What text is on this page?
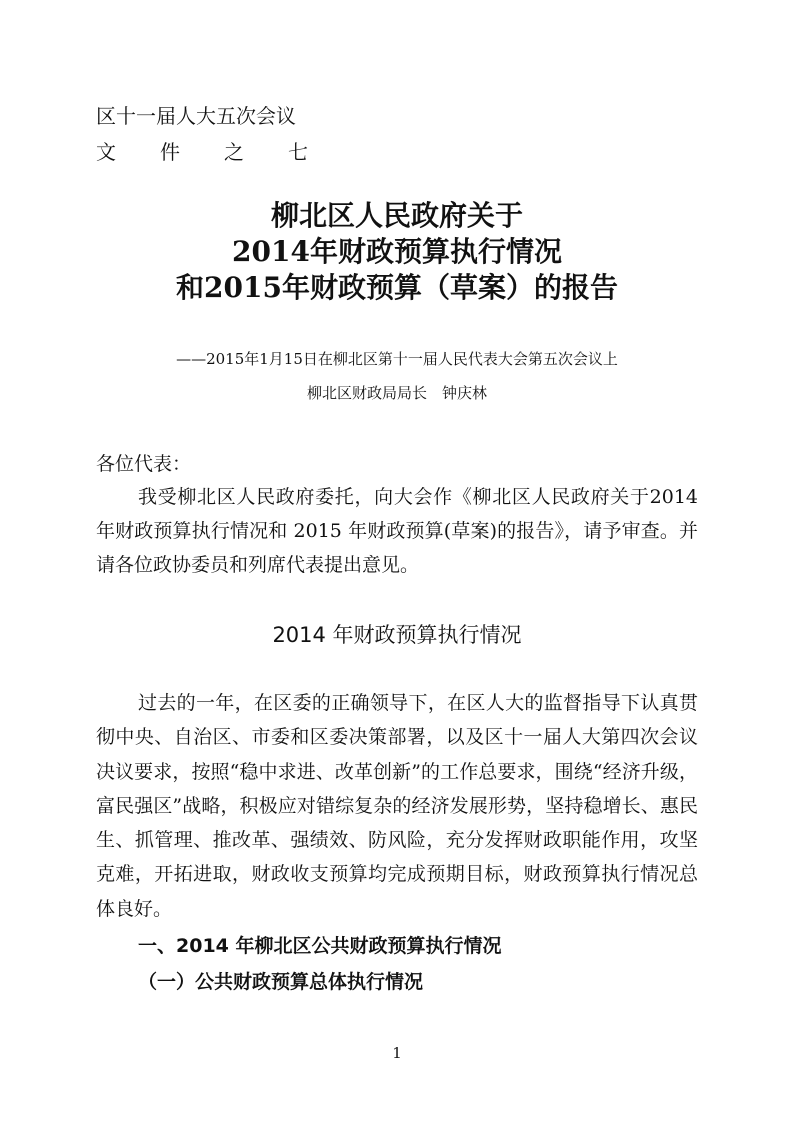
区十一届人大五次会议
文件之七
柳北区人民政府关于
2014年财政预算执行情况
和2015年财政预算（草案）的报告
——2015年1月15日在柳北区第十一届人民代表大会第五次会议上
柳北区财政局局长　钟庆林
各位代表：
我受柳北区人民政府委托，向大会作《柳北区人民政府关于2014 年财政预算执行情况和 2015 年财政预算(草案)的报告》，请予审查。并请各位政协委员和列席代表提出意见。
2014 年财政预算执行情况
过去的一年，在区委的正确领导下，在区人大的监督指导下认真贯彻中央、自治区、市委和区委决策部署，以及区十一届人大第四次会议决议要求，按照“稳中求进、改革创新”的工作总要求，围绕“经济升级，富民强区”战略，积极应对错综复杂的经济发展形势，坚持稳增长、惠民生、抓管理、推改革、强绩效、防风险，充分发挥财政职能作用，攻坚克难，开拓进取，财政收支预算均完成预期目标，财政预算执行情况总体良好。
一、2014 年柳北区公共财政预算执行情况
（一）公共财政预算总体执行情况
1
